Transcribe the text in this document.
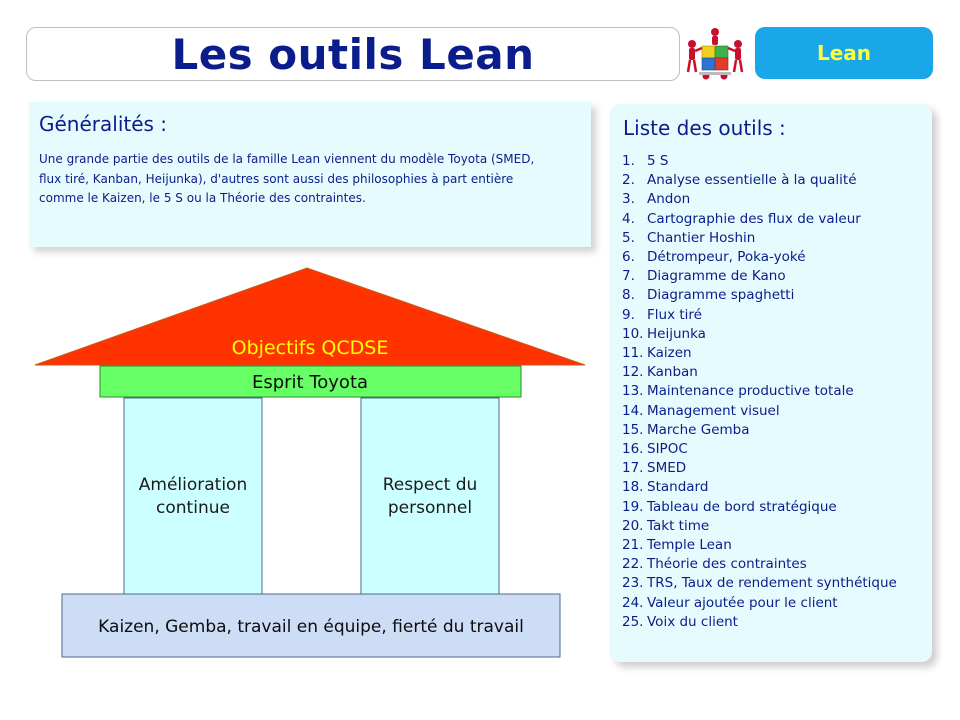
Les outils Lean	Lean
Généralités :
Une grande partie des outils de la famille Lean viennent du modèle Toyota (SMED, flux tiré, Kanban, Heijunka), d'autres sont aussi des philosophies à part entière comme le Kaizen, le 5 S ou la Théorie des contraintes.
Objectifs QCDSE
Esprit Toyota
Amélioration
continue
Respect du
personnel
Kaizen, Gemba, travail en équipe, fierté du travail
Liste des outils :
1. 5 S
2. Analyse essentielle à la qualité
3. Andon
4. Cartographie des flux de valeur
5. Chantier Hoshin
6. Détrompeur, Poka-yoké
7. Diagramme de Kano
8. Diagramme spaghetti
9. Flux tiré
10. Heijunka
11. Kaizen
12. Kanban
13. Maintenance productive totale
14. Management visuel
15. Marche Gemba
16. SIPOC
17. SMED
18. Standard
19. Tableau de bord stratégique
20. Takt time
21. Temple Lean
22. Théorie des contraintes
23. TRS, Taux de rendement synthétique
24. Valeur ajoutée pour le client
25. Voix du client
